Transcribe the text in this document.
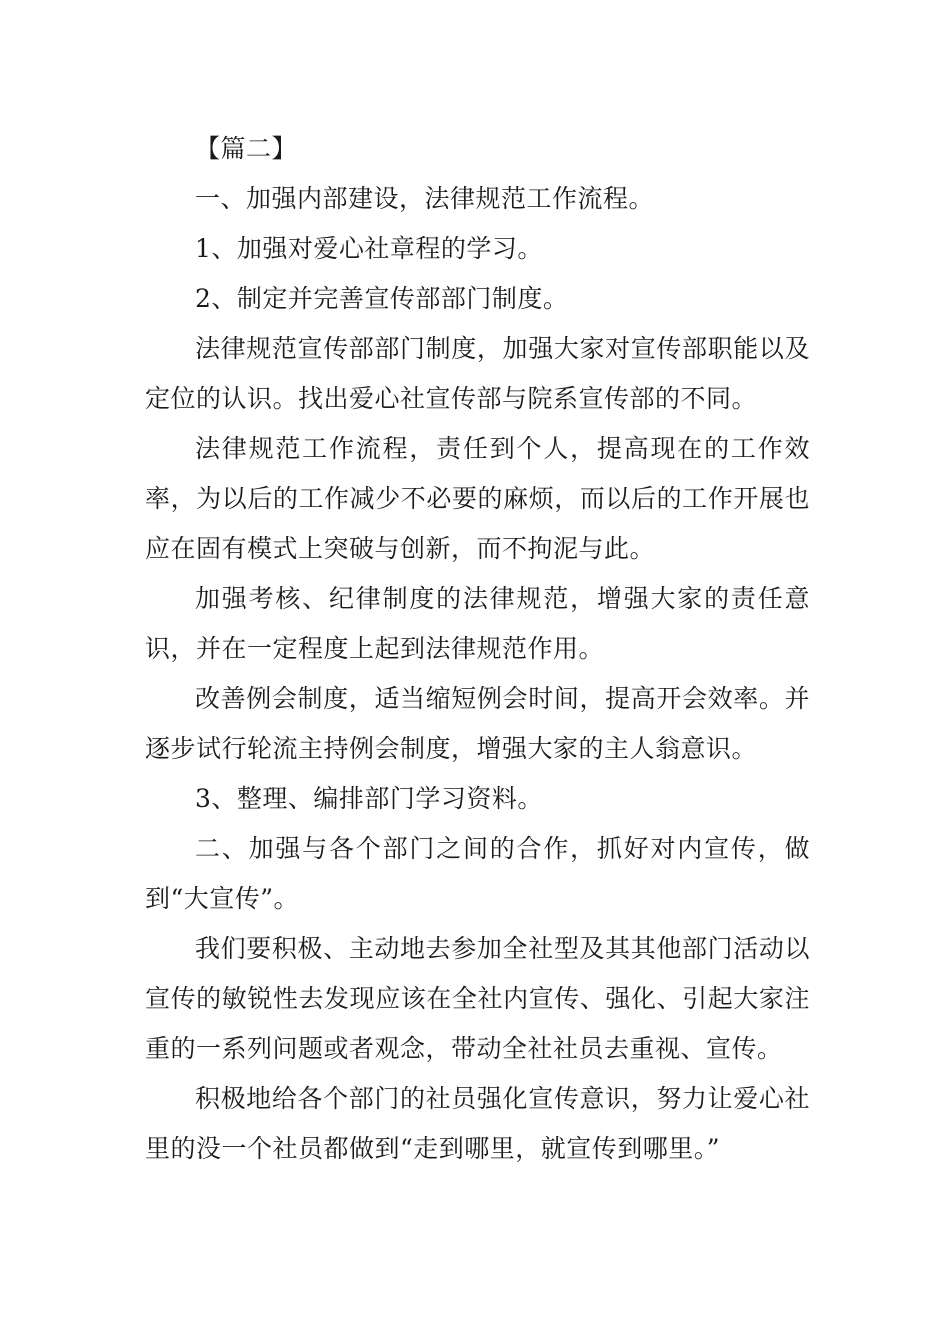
【篇二】

一、加强内部建设，法律规范工作流程。

1、加强对爱心社章程的学习。

2、制定并完善宣传部部门制度。

法律规范宣传部部门制度，加强大家对宣传部职能以及定位的认识。找出爱心社宣传部与院系宣传部的不同。

法律规范工作流程，责任到个人，提高现在的工作效率，为以后的工作减少不必要的麻烦，而以后的工作开展也应在固有模式上突破与创新，而不拘泥与此。

加强考核、纪律制度的法律规范，增强大家的责任意识，并在一定程度上起到法律规范作用。

改善例会制度，适当缩短例会时间，提高开会效率。并逐步试行轮流主持例会制度，增强大家的主人翁意识。

3、整理、编排部门学习资料。

二、加强与各个部门之间的合作，抓好对内宣传，做到“大宣传”。

我们要积极、主动地去参加全社型及其其他部门活动以宣传的敏锐性去发现应该在全社内宣传、强化、引起大家注重的一系列问题或者观念，带动全社社员去重视、宣传。

积极地给各个部门的社员强化宣传意识，努力让爱心社里的没一个社员都做到“走到哪里，就宣传到哪里。”
